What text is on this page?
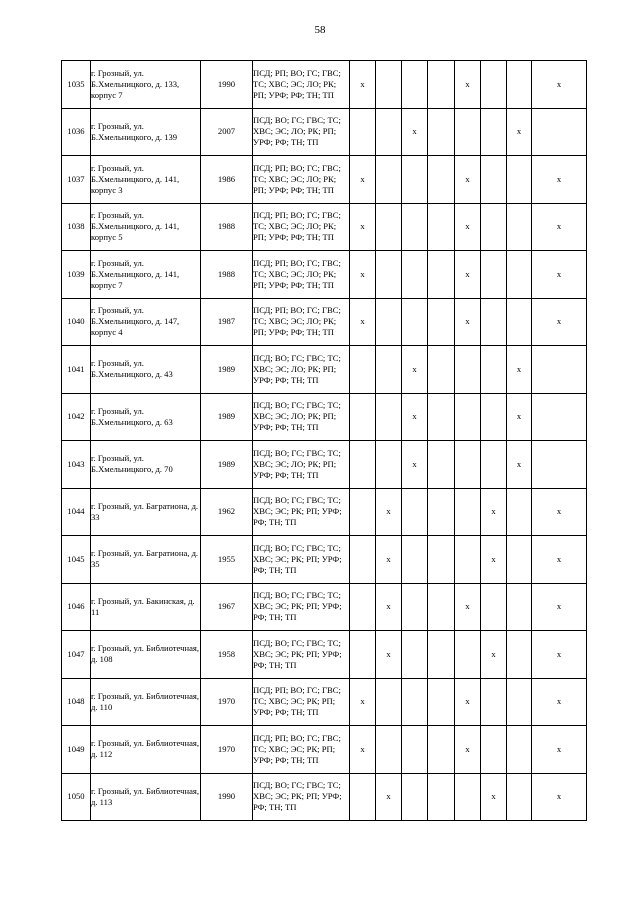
58
1035	г. Грозный, ул. Б.Хмельницкого, д. 133, корпус 7	1990	ПСД; РП; ВО; ГС; ГВС; ТС; ХВС; ЭС; ЛО; РК; РП; УРФ; РФ; ТН; ТП	х				х			х
1036	г. Грозный, ул. Б.Хмельницкого, д. 139	2007	ПСД; ВО; ГС; ГВС; ТС; ХВС; ЭС; ЛО; РК; РП; УРФ; РФ; ТН; ТП			х				х	
1037	г. Грозный, ул. Б.Хмельницкого, д. 141, корпус 3	1986	ПСД; РП; ВО; ГС; ГВС; ТС; ХВС; ЭС; ЛО; РК; РП; УРФ; РФ; ТН; ТП	х				х			х
1038	г. Грозный, ул. Б.Хмельницкого, д. 141, корпус 5	1988	ПСД; РП; ВО; ГС; ГВС; ТС; ХВС; ЭС; ЛО; РК; РП; УРФ; РФ; ТН; ТП	х				х			х
1039	г. Грозный, ул. Б.Хмельницкого, д. 141, корпус 7	1988	ПСД; РП; ВО; ГС; ГВС; ТС; ХВС; ЭС; ЛО; РК; РП; УРФ; РФ; ТН; ТП	х				х			х
1040	г. Грозный, ул. Б.Хмельницкого, д. 147, корпус 4	1987	ПСД; РП; ВО; ГС; ГВС; ТС; ХВС; ЭС; ЛО; РК; РП; УРФ; РФ; ТН; ТП	х				х			х
1041	г. Грозный, ул. Б.Хмельницкого, д. 43	1989	ПСД; ВО; ГС; ГВС; ТС; ХВС; ЭС; ЛО; РК; РП; УРФ; РФ; ТН; ТП			х				х	
1042	г. Грозный, ул. Б.Хмельницкого, д. 63	1989	ПСД; ВО; ГС; ГВС; ТС; ХВС; ЭС; ЛО; РК; РП; УРФ; РФ; ТН; ТП			х				х	
1043	г. Грозный, ул. Б.Хмельницкого, д. 70	1989	ПСД; ВО; ГС; ГВС; ТС; ХВС; ЭС; ЛО; РК; РП; УРФ; РФ; ТН; ТП			х				х	
1044	г. Грозный, ул. Багратиона, д. 33	1962	ПСД; ВО; ГС; ГВС; ТС; ХВС; ЭС; РК; РП; УРФ; РФ; ТН; ТП		х				х		х
1045	г. Грозный, ул. Багратиона, д. 35	1955	ПСД; ВО; ГС; ГВС; ТС; ХВС; ЭС; РК; РП; УРФ; РФ; ТН; ТП		х				х		х
1046	г. Грозный, ул. Бакинская, д. 11	1967	ПСД; ВО; ГС; ГВС; ТС; ХВС; ЭС; РК; РП; УРФ; РФ; ТН; ТП		х			х			х
1047	г. Грозный, ул. Библиотечная, д. 108	1958	ПСД; ВО; ГС; ГВС; ТС; ХВС; ЭС; РК; РП; УРФ; РФ; ТН; ТП		х				х		х
1048	г. Грозный, ул. Библиотечная, д. 110	1970	ПСД; РП; ВО; ГС; ГВС; ТС; ХВС; ЭС; РК; РП; УРФ; РФ; ТН; ТП	х				х			х
1049	г. Грозный, ул. Библиотечная, д. 112	1970	ПСД; РП; ВО; ГС; ГВС; ТС; ХВС; ЭС; РК; РП; УРФ; РФ; ТН; ТП	х				х			х
1050	г. Грозный, ул. Библиотечная, д. 113	1990	ПСД; ВО; ГС; ГВС; ТС; ХВС; ЭС; РК; РП; УРФ; РФ; ТН; ТП		х				х		х
